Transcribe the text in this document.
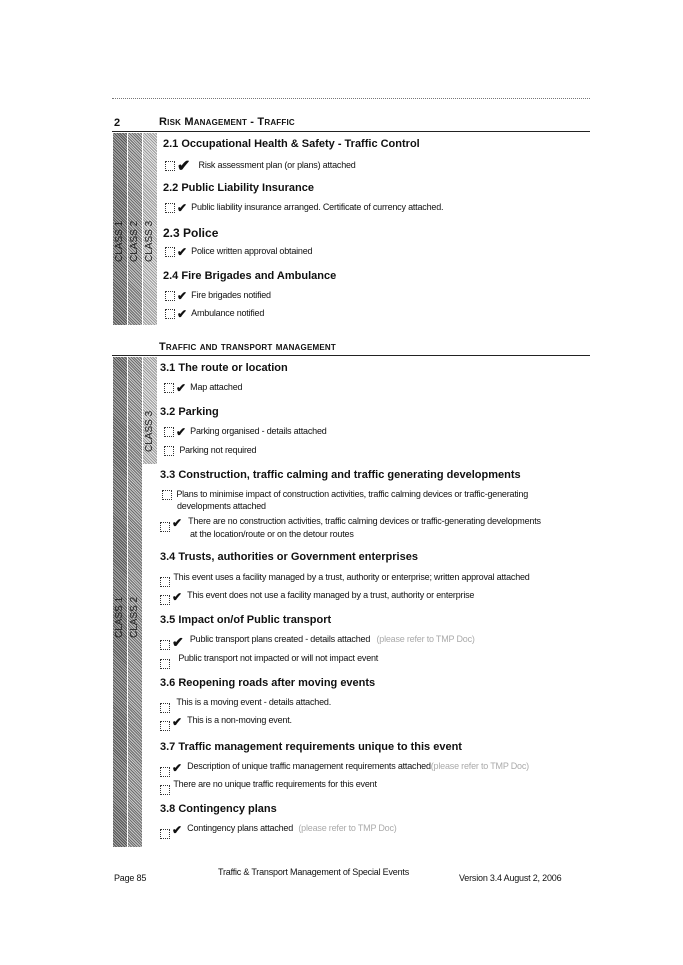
2	Risk Management - Traffic
CLASS 1 CLASS 2 CLASS 3
2.1 Occupational Health & Safety - Traffic Control
✔ Risk assessment plan (or plans) attached
2.2 Public Liability Insurance
✔ Public liability insurance arranged. Certificate of currency attached.
2.3 Police
✔ Police written approval obtained
2.4 Fire Brigades and Ambulance
✔ Fire brigades notified
✔ Ambulance notified
Traffic and transport management
CLASS 3
CLASS 1 CLASS 2
3.1 The route or location
✔ Map attached
3.2 Parking
✔ Parking organised - details attached
Parking not required
3.3 Construction, traffic calming and traffic generating developments
Plans to minimise impact of construction activities, traffic calming devices or traffic-generating
developments attached
✔ There are no construction activities, traffic calming devices or traffic-generating developments
at the location/route or on the detour routes
3.4 Trusts, authorities or Government enterprises
This event uses a facility managed by a trust, authority or enterprise; written approval attached
✔ This event does not use a facility managed by a trust, authority or enterprise
3.5 Impact on/of Public transport
✔ Public transport plans created - details attached (please refer to TMP Doc)
Public transport not impacted or will not impact event
3.6 Reopening roads after moving events
This is a moving event - details attached.
✔ This is a non-moving event.
3.7 Traffic management requirements unique to this event
✔ Description of unique traffic management requirements attached(please refer to TMP Doc)
There are no unique traffic requirements for this event
3.8 Contingency plans
✔ Contingency plans attached (please refer to TMP Doc)
Page 85
Traffic & Transport Management of Special Events
Version 3.4 August 2, 2006
